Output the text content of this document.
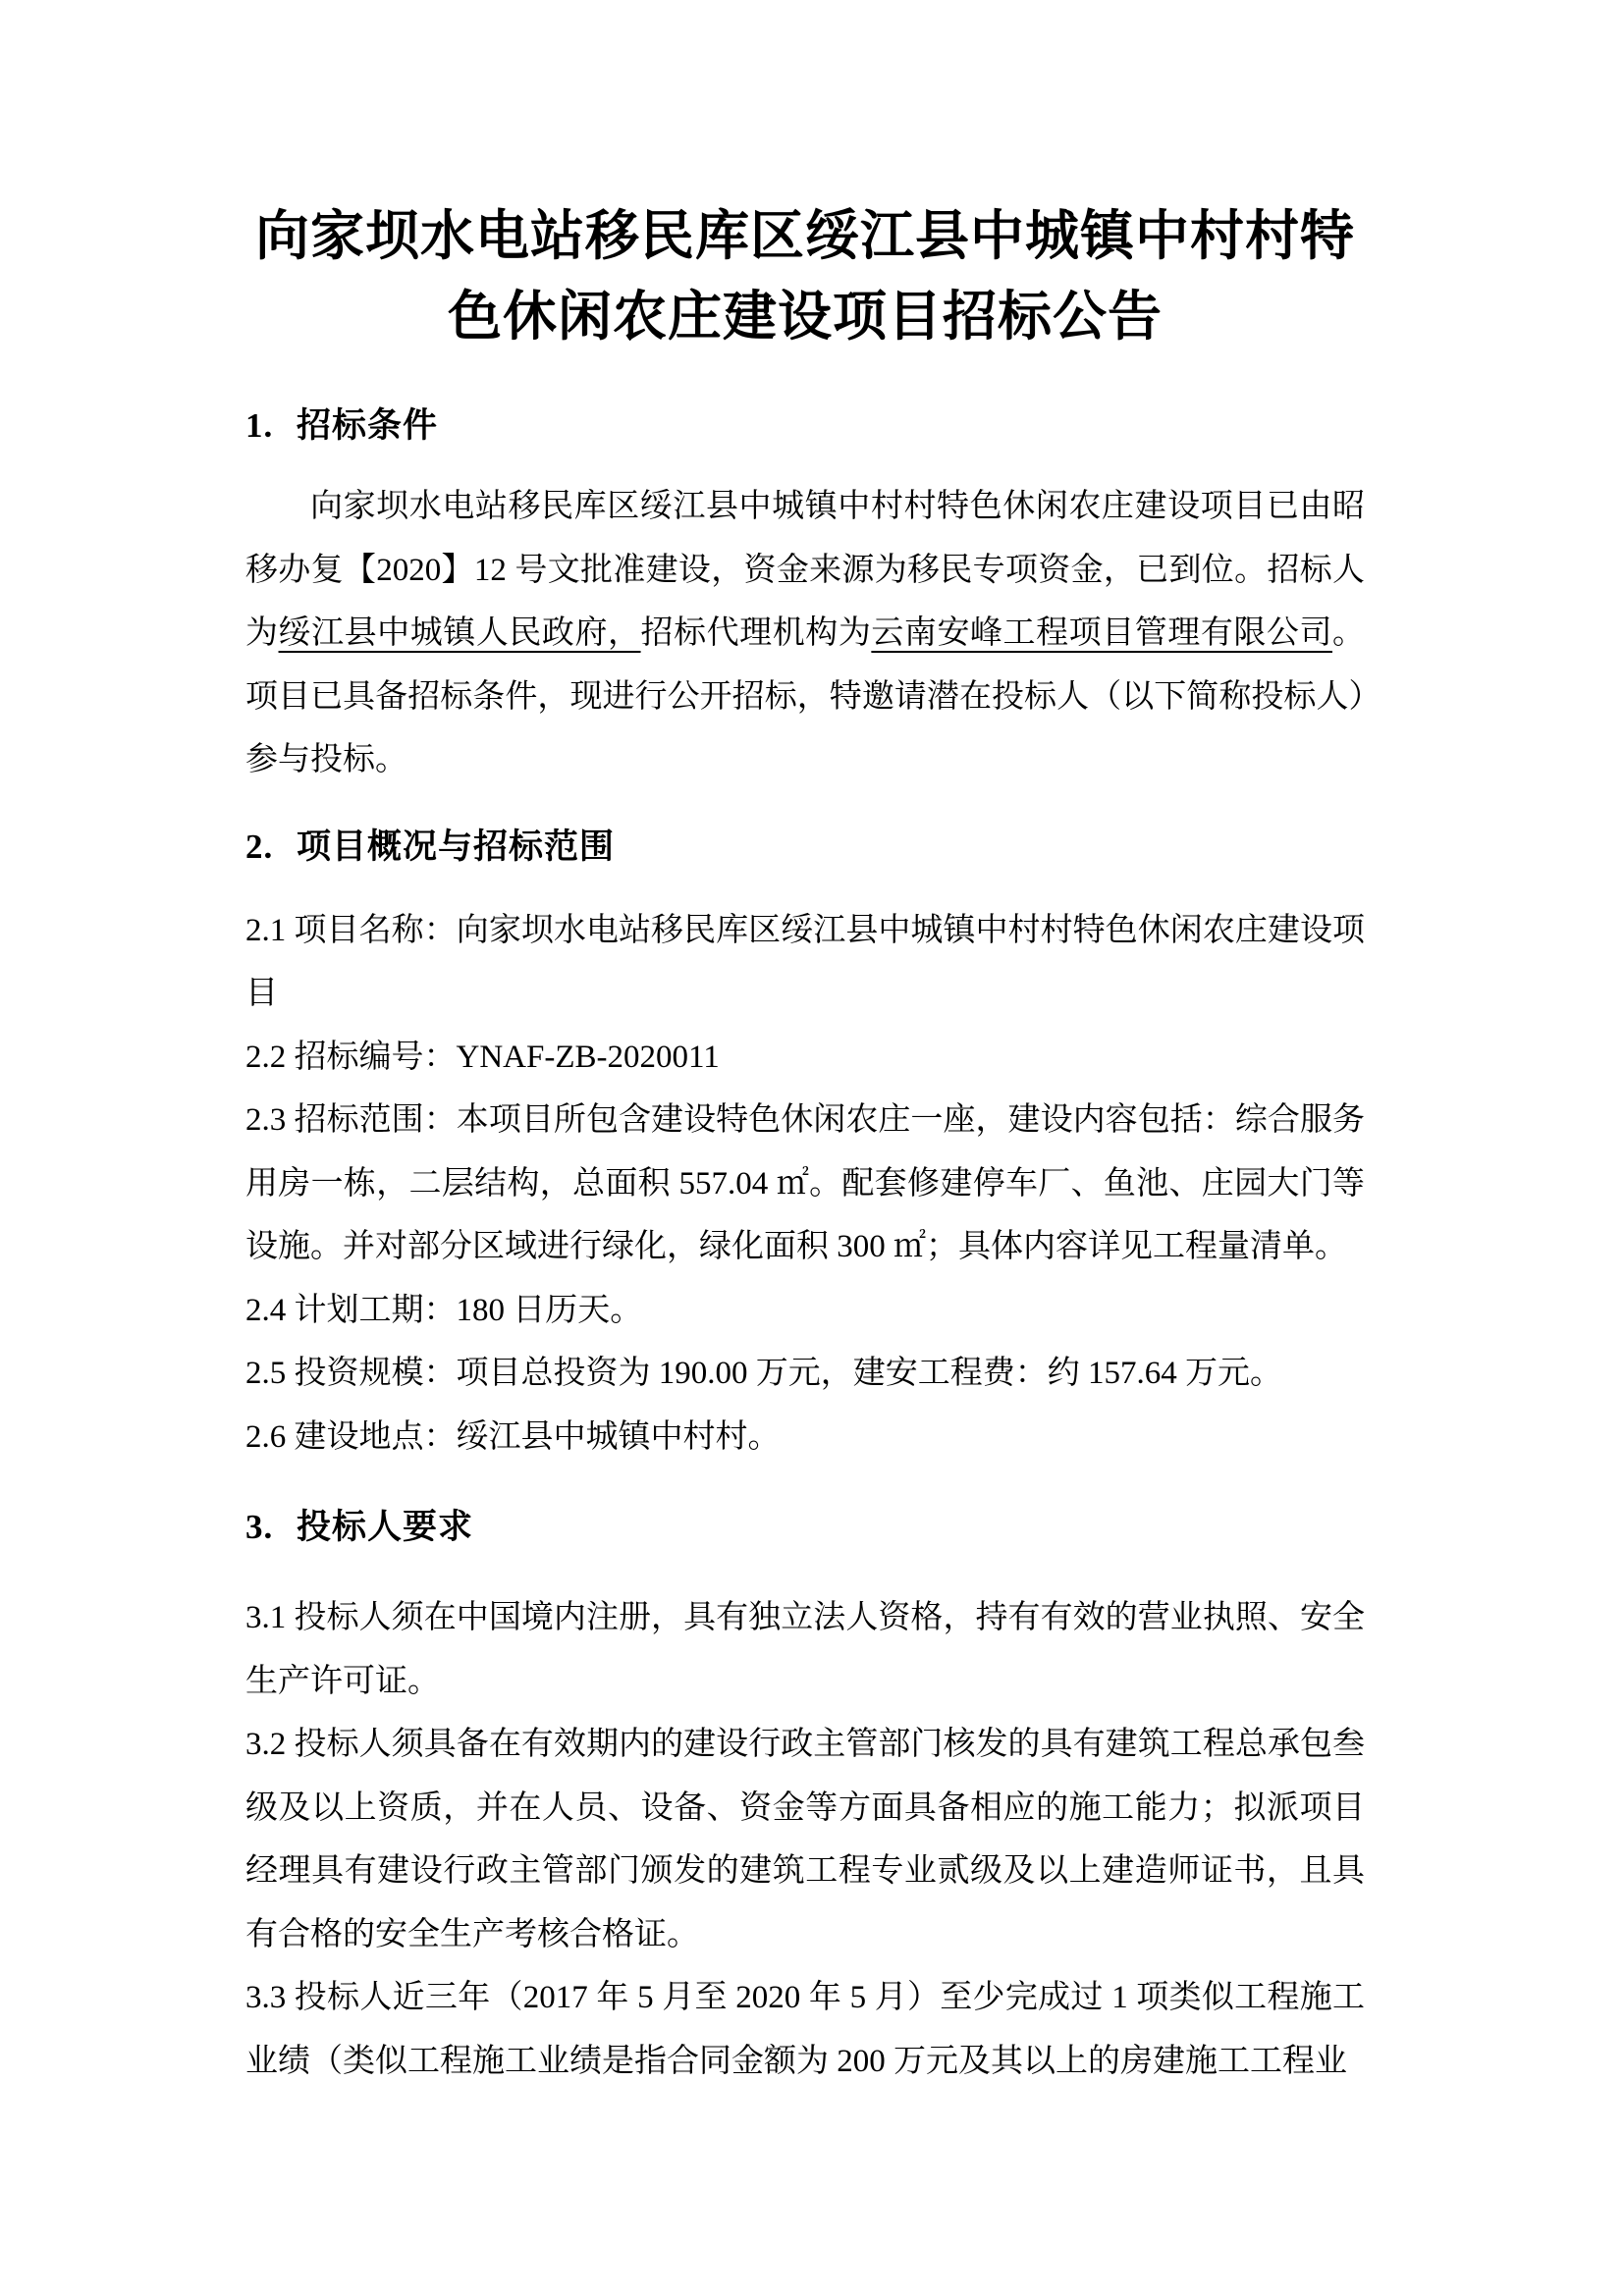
向家坝水电站移民库区绥江县中城镇中村村特色休闲农庄建设项目招标公告
1. 招标条件

向家坝水电站移民库区绥江县中城镇中村村特色休闲农庄建设项目已由昭移办复【2020】12 号文批准建设，资金来源为移民专项资金，已到位。招标人为绥江县中城镇人民政府，招标代理机构为云南安峰工程项目管理有限公司。项目已具备招标条件，现进行公开招标，特邀请潜在投标人（以下简称投标人）参与投标。

2. 项目概况与招标范围

2.1 项目名称：向家坝水电站移民库区绥江县中城镇中村村特色休闲农庄建设项目

2.2 招标编号：YNAF-ZB-2020011

2.3 招标范围：本项目所包含建设特色休闲农庄一座，建设内容包括：综合服务用房一栋，二层结构，总面积 557.04 ㎡。配套修建停车厂、鱼池、庄园大门等设施。并对部分区域进行绿化，绿化面积 300 ㎡；具体内容详见工程量清单。

2.4 计划工期：180 日历天。

2.5 投资规模：项目总投资为 190.00 万元，建安工程费：约 157.64 万元。

2.6 建设地点：绥江县中城镇中村村。

3. 投标人要求

3.1 投标人须在中国境内注册，具有独立法人资格，持有有效的营业执照、安全生产许可证。

3.2 投标人须具备在有效期内的建设行政主管部门核发的具有建筑工程总承包叁级及以上资质，并在人员、设备、资金等方面具备相应的施工能力；拟派项目经理具有建设行政主管部门颁发的建筑工程专业贰级及以上建造师证书，且具有合格的安全生产考核合格证。

3.3 投标人近三年（2017 年 5 月至 2020 年 5 月）至少完成过 1 项类似工程施工业绩（类似工程施工业绩是指合同金额为 200 万元及其以上的房建施工工程业
